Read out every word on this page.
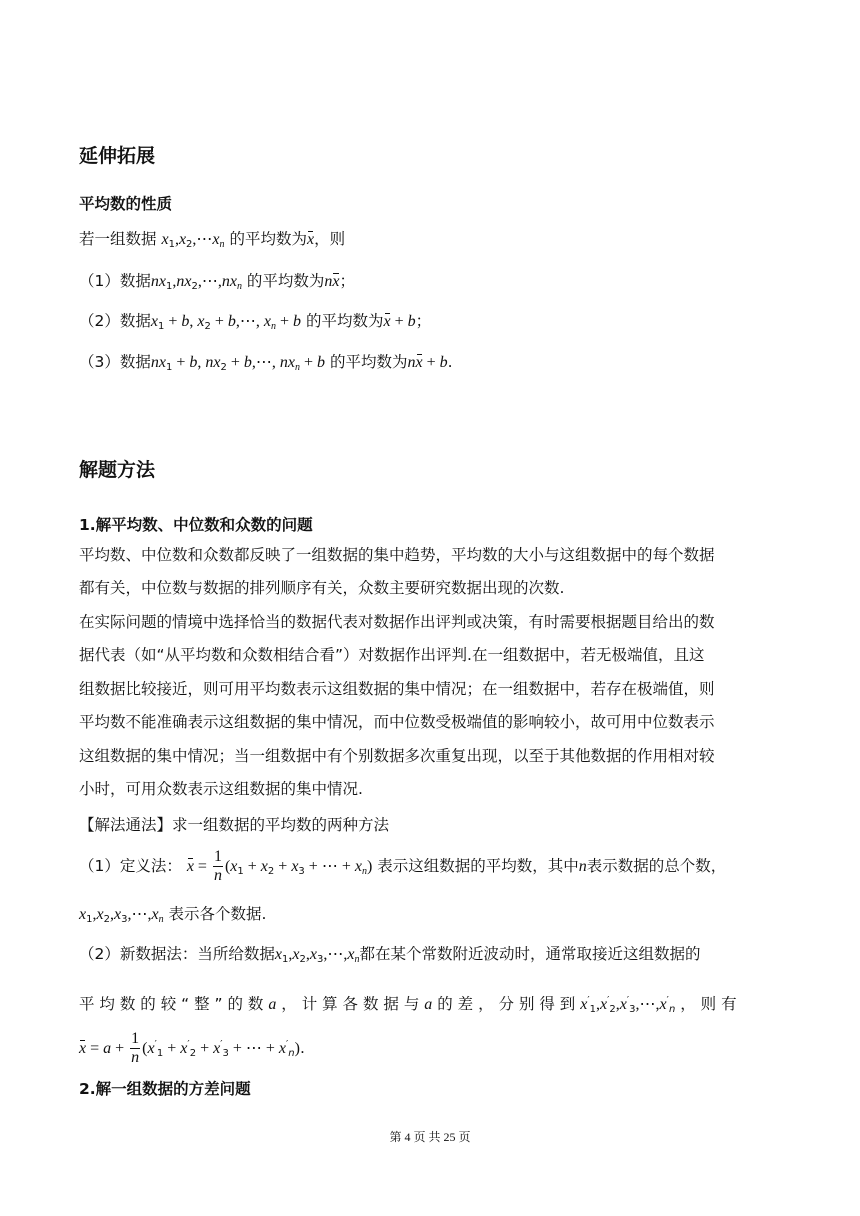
延伸拓展
平均数的性质
若一组数据 $x_1,x_2,\cdots x_n$ 的平均数为x，则
（1）数据$nx_1,nx_2,\cdots,nx_n$ 的平均数为nx；
（2）数据$x_1 + b$, $x_2$ + b,⋯, $x_n + b$ 的平均数为x + b；
（3）数据$nx_1 + b$, $nx_2$ + b,⋯, $nx_n + b$ 的平均数为nx + b.
解题方法
1.解平均数、中位数和众数的问题
平均数、中位数和众数都反映了一组数据的集中趋势，平均数的大小与这组数据中的每个数据
都有关，中位数与数据的排列顺序有关，众数主要研究数据出现的次数.
在实际问题的情境中选择恰当的数据代表对数据作出评判或决策，有时需要根据题目给出的数
据代表（如“从平均数和众数相结合看”）对数据作出评判.在一组数据中，若无极端值，且这
组数据比较接近，则可用平均数表示这组数据的集中情况；在一组数据中，若存在极端值，则
平均数不能准确表示这组数据的集中情况，而中位数受极端值的影响较小，故可用中位数表示
这组数据的集中情况；当一组数据中有个别数据多次重复出现，以至于其他数据的作用相对较
小时，可用众数表示这组数据的集中情况.
【解法通法】求一组数据的平均数的两种方法
（1）定义法： $x = \frac{1}{n} (x_1 + x_2 + x_3$ + ⋯ + $x_n$) 表示这组数据的平均数，其中n表示数据的总个数，
$x_1,x_2,x_3,\cdots,x_n$ 表示各个数据.
（2）新数据法：当所给数据$x_1,x_2,x_3,\cdots,x_n$都在某个常数附近波动时，通常取接近这组数据的
平 均 数 的 较 “ 整 ” 的 数 a ， 计 算 各 数 据 与 a 的 差 ， 分 别 得 到 $x'_1,x'_2,x'_3,\cdots,x'_n$ ， 则 有
$x = a + \frac{1}{n} (x'_1 + x'_2 + x'_3$ + ⋯ + $x'_n$).
2.解一组数据的方差问题
第 4 页 共 25 页
